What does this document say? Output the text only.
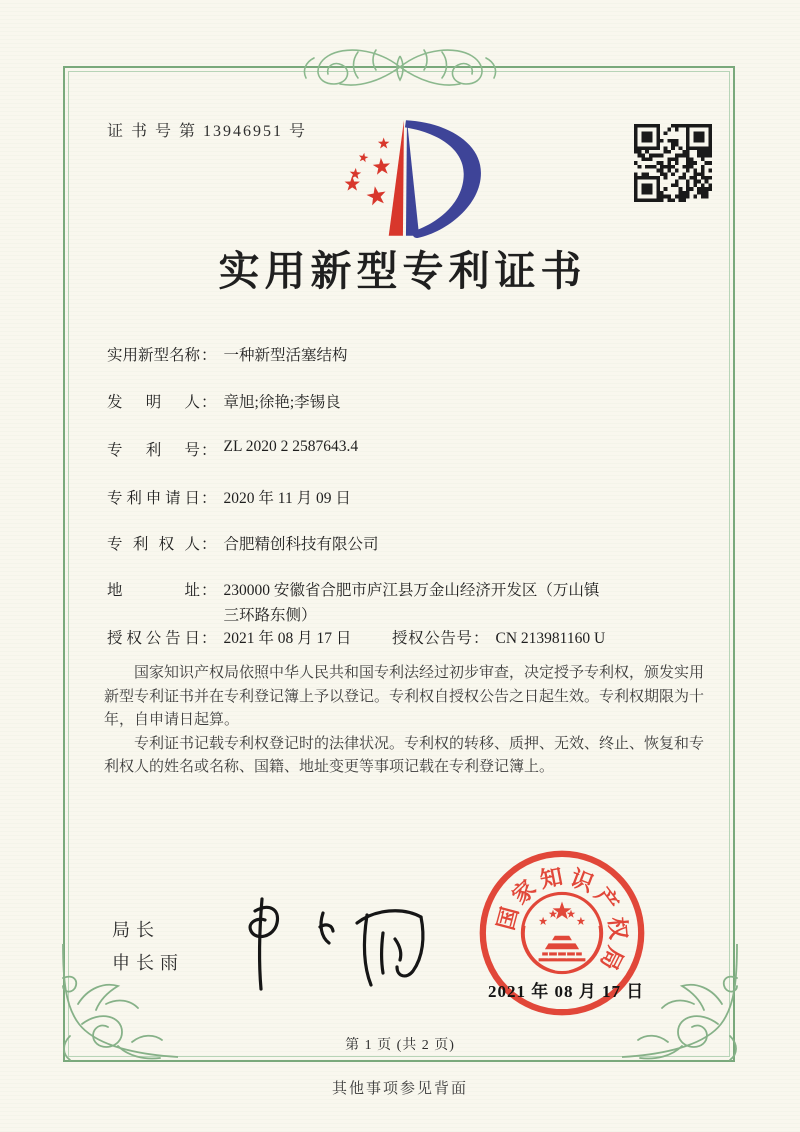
证 书 号 第 13946951 号
实用新型专利证书
实用新型名称： 一种新型活塞结构
发明人： 章旭;徐艳;李锡良
专利号： ZL 2020 2 2587643.4
专利申请日： 2020 年 11 月 09 日
专利权人： 合肥精创科技有限公司
地址： 230000 安徽省合肥市庐江县万金山经济开发区（万山镇
三环路东侧）
授权公告日： 2021 年 08 月 17 日	授权公告号： CN 213981160 U

国家知识产权局依照中华人民共和国专利法经过初步审查，决定授予专利权，颁发实用新型专利证书并在专利登记簿上予以登记。专利权自授权公告之日起生效。专利权期限为十年，自申请日起算。

专利证书记载专利权登记时的法律状况。专利权的转移、质押、无效、终止、恢复和专利权人的姓名或名称、国籍、地址变更等事项记载在专利登记簿上。

局长
申长雨
国
家
知 识
产
权
局
2021 年 08 月 17 日
第 1 页 (共 2 页)
其他事项参见背面
